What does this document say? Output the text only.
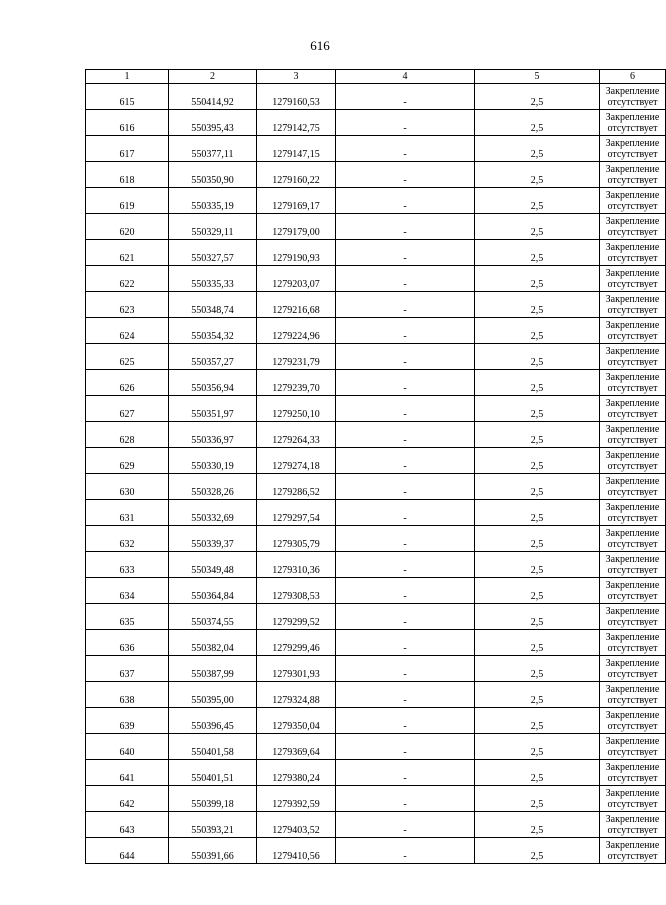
616
1	2	3	4	5	6
615	550414,92	1279160,53	-	2,5	Закрепление отсутствует
616	550395,43	1279142,75	-	2,5	Закрепление отсутствует
617	550377,11	1279147,15	-	2,5	Закрепление отсутствует
618	550350,90	1279160,22	-	2,5	Закрепление отсутствует
619	550335,19	1279169,17	-	2,5	Закрепление отсутствует
620	550329,11	1279179,00	-	2,5	Закрепление отсутствует
621	550327,57	1279190,93	-	2,5	Закрепление отсутствует
622	550335,33	1279203,07	-	2,5	Закрепление отсутствует
623	550348,74	1279216,68	-	2,5	Закрепление отсутствует
624	550354,32	1279224,96	-	2,5	Закрепление отсутствует
625	550357,27	1279231,79	-	2,5	Закрепление отсутствует
626	550356,94	1279239,70	-	2,5	Закрепление отсутствует
627	550351,97	1279250,10	-	2,5	Закрепление отсутствует
628	550336,97	1279264,33	-	2,5	Закрепление отсутствует
629	550330,19	1279274,18	-	2,5	Закрепление отсутствует
630	550328,26	1279286,52	-	2,5	Закрепление отсутствует
631	550332,69	1279297,54	-	2,5	Закрепление отсутствует
632	550339,37	1279305,79	-	2,5	Закрепление отсутствует
633	550349,48	1279310,36	-	2,5	Закрепление отсутствует
634	550364,84	1279308,53	-	2,5	Закрепление отсутствует
635	550374,55	1279299,52	-	2,5	Закрепление отсутствует
636	550382,04	1279299,46	-	2,5	Закрепление отсутствует
637	550387,99	1279301,93	-	2,5	Закрепление отсутствует
638	550395,00	1279324,88	-	2,5	Закрепление отсутствует
639	550396,45	1279350,04	-	2,5	Закрепление отсутствует
640	550401,58	1279369,64	-	2,5	Закрепление отсутствует
641	550401,51	1279380,24	-	2,5	Закрепление отсутствует
642	550399,18	1279392,59	-	2,5	Закрепление отсутствует
643	550393,21	1279403,52	-	2,5	Закрепление отсутствует
644	550391,66	1279410,56	-	2,5	Закрепление отсутствует
